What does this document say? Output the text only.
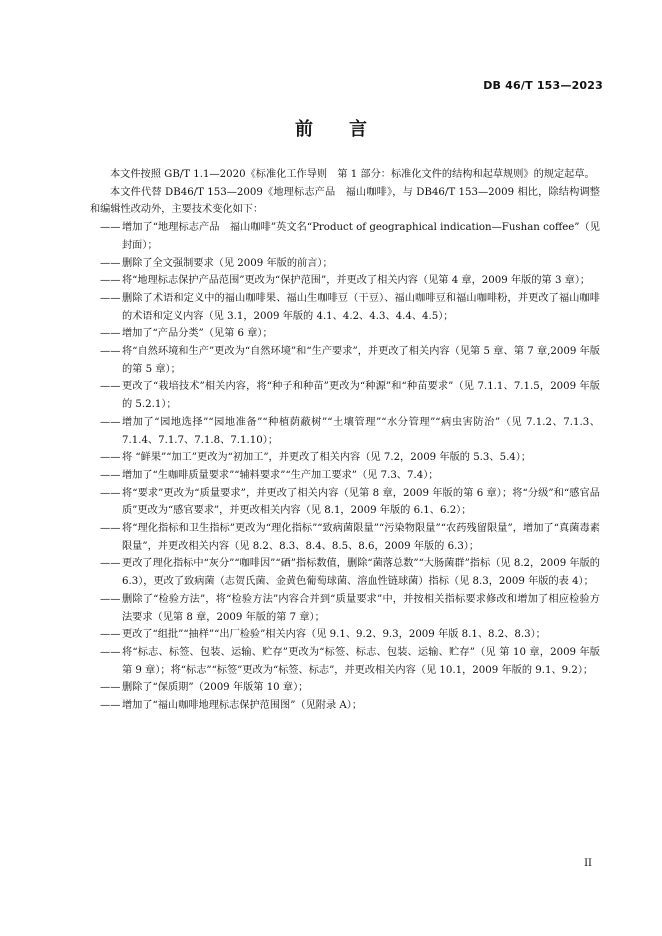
DB 46/T 153—2023
前　　言

本文件按照 GB/T 1.1—2020《标准化工作导则　第 1 部分：标准化文件的结构和起草规则》的规定起草。

本文件代替 DB46/T 153—2009《地理标志产品　福山咖啡》，与 DB46/T 153—2009 相比，除结构调整和编辑性改动外，主要技术变化如下：

—— 增加了“地理标志产品　福山咖啡”英文名“Product of geographical indication—Fushan coffee”（见封面）；

—— 删除了全文强制要求（见 2009 年版的前言）；

—— 将“地理标志保护产品范围”更改为“保护范围”，并更改了相关内容（见第 4 章，2009 年版的第 3 章）；

—— 删除了术语和定义中的福山咖啡果、福山生咖啡豆（干豆）、福山咖啡豆和福山咖啡粉，并更改了福山咖啡的术语和定义内容（见 3.1，2009 年版的 4.1、4.2、4.3、4.4、4.5）；

—— 增加了“产品分类”（见第 6 章）；

—— 将“自然环境和生产”更改为“自然环境”和“生产要求”，并更改了相关内容（见第 5 章、第 7 章,2009 年版的第 5 章）；

—— 更改了“栽培技术”相关内容，将“种子和种苗”更改为“种源”和“种苗要求”（见 7.1.1、7.1.5，2009 年版的 5.2.1）；

—— 增加了“园地选择”“园地准备”“种植荫蔽树”“土壤管理”“水分管理”“病虫害防治”（见 7.1.2、7.1.3、7.1.4、7.1.7、7.1.8、7.1.10）；

—— 将 “鲜果”“加工”更改为“初加工”，并更改了相关内容（见 7.2，2009 年版的 5.3、5.4）；

—— 增加了“生咖啡质量要求”“辅料要求”“生产加工要求”（见 7.3、7.4）；

—— 将“要求”更改为“质量要求”，并更改了相关内容（见第 8 章，2009 年版的第 6 章）；将“分级”和“感官品质”更改为“感官要求”，并更改相关内容（见 8.1，2009 年版的 6.1、6.2）；

—— 将“理化指标和卫生指标”更改为“理化指标”“致病菌限量”“污染物限量”“农药残留限量”，增加了“真菌毒素限量”，并更改相关内容（见 8.2、8.3、8.4、8.5、8.6，2009 年版的 6.3）；

—— 更改了理化指标中“灰分”“咖啡因”“硒”指标数值，删除“菌落总数”“大肠菌群”指标（见 8.2，2009 年版的 6.3），更改了致病菌（志贺氏菌、金黄色葡萄球菌、溶血性链球菌）指标（见 8.3，2009 年版的表 4）；

—— 删除了“检验方法”，将“检验方法”内容合并到“质量要求”中，并按相关指标要求修改和增加了相应检验方法要求（见第 8 章，2009 年版的第 7 章）；

—— 更改了“组批”“抽样”“出厂检验”相关内容（见 9.1、9.2、9.3，2009 年版 8.1、8.2、8.3）；

—— 将“标志、标签、包装、运输、贮存”更改为“标签、标志、包装、运输、贮存”（见 第 10 章，2009 年版第 9 章）；将“标志”“标签”更改为“标签、标志”，并更改相关内容（见 10.1，2009 年版的 9.1、9.2）；

—— 删除了“保质期”（2009 年版第 10 章）；

—— 增加了“福山咖啡地理标志保护范围图”（见附录 A）；

II
